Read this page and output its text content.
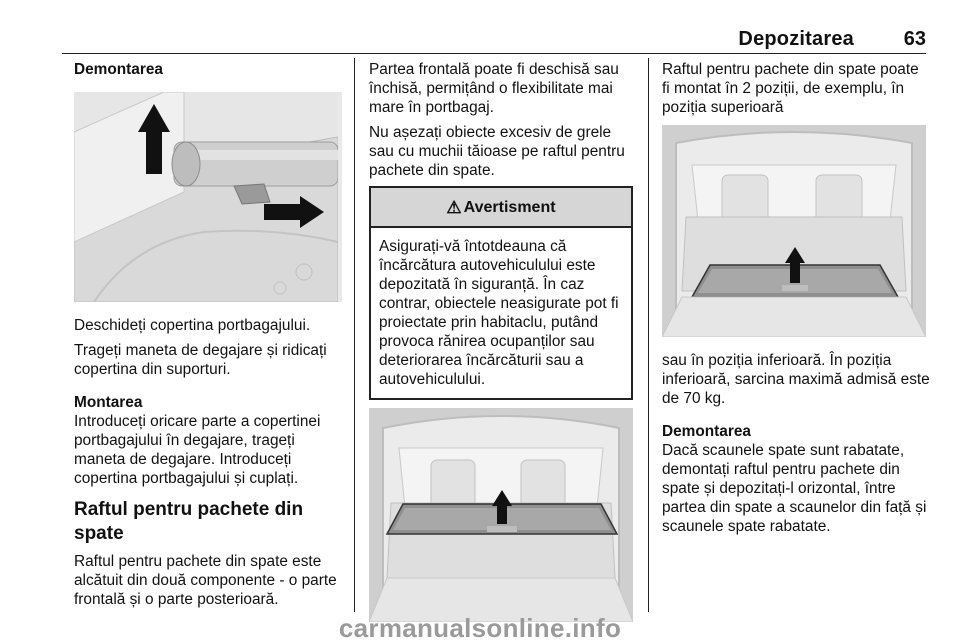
Depozitarea 63

Demontarea

Deschideți copertina portbagajului.

Trageți maneta de degajare și ridicați copertina din suporturi.

Montarea

Introduceți oricare parte a copertinei portbagajului în degajare, trageți maneta de degajare. Introduceți copertina portbagajului și cuplați.

Raftul pentru pachete din spate

Raftul pentru pachete din spate este alcătuit din două componente - o parte frontală și o parte posterioară.

Partea frontală poate fi deschisă sau închisă, permițând o flexibilitate mai mare în portbagaj.

Nu așezați obiecte excesiv de grele sau cu muchii tăioase pe raftul pentru pachete din spate.

⚠ Avertisment
Asigurați-vă întotdeauna că încărcătura autovehiculului este depozitată în siguranță. În caz contrar, obiectele neasigurate pot fi proiectate prin habitaclu, putând provoca rănirea ocupanților sau deteriorarea încărcăturii sau a autovehiculului.

Raftul pentru pachete din spate poate fi montat în 2 poziții, de exemplu, în poziția superioară

sau în poziția inferioară. În poziția inferioară, sarcina maximă admisă este de 70 kg.

Demontarea

Dacă scaunele spate sunt rabatate, demontați raftul pentru pachete din spate și depozitați-l orizontal, între partea din spate a scaunelor din față și scaunele spate rabatate.

carmanualsonline.info
